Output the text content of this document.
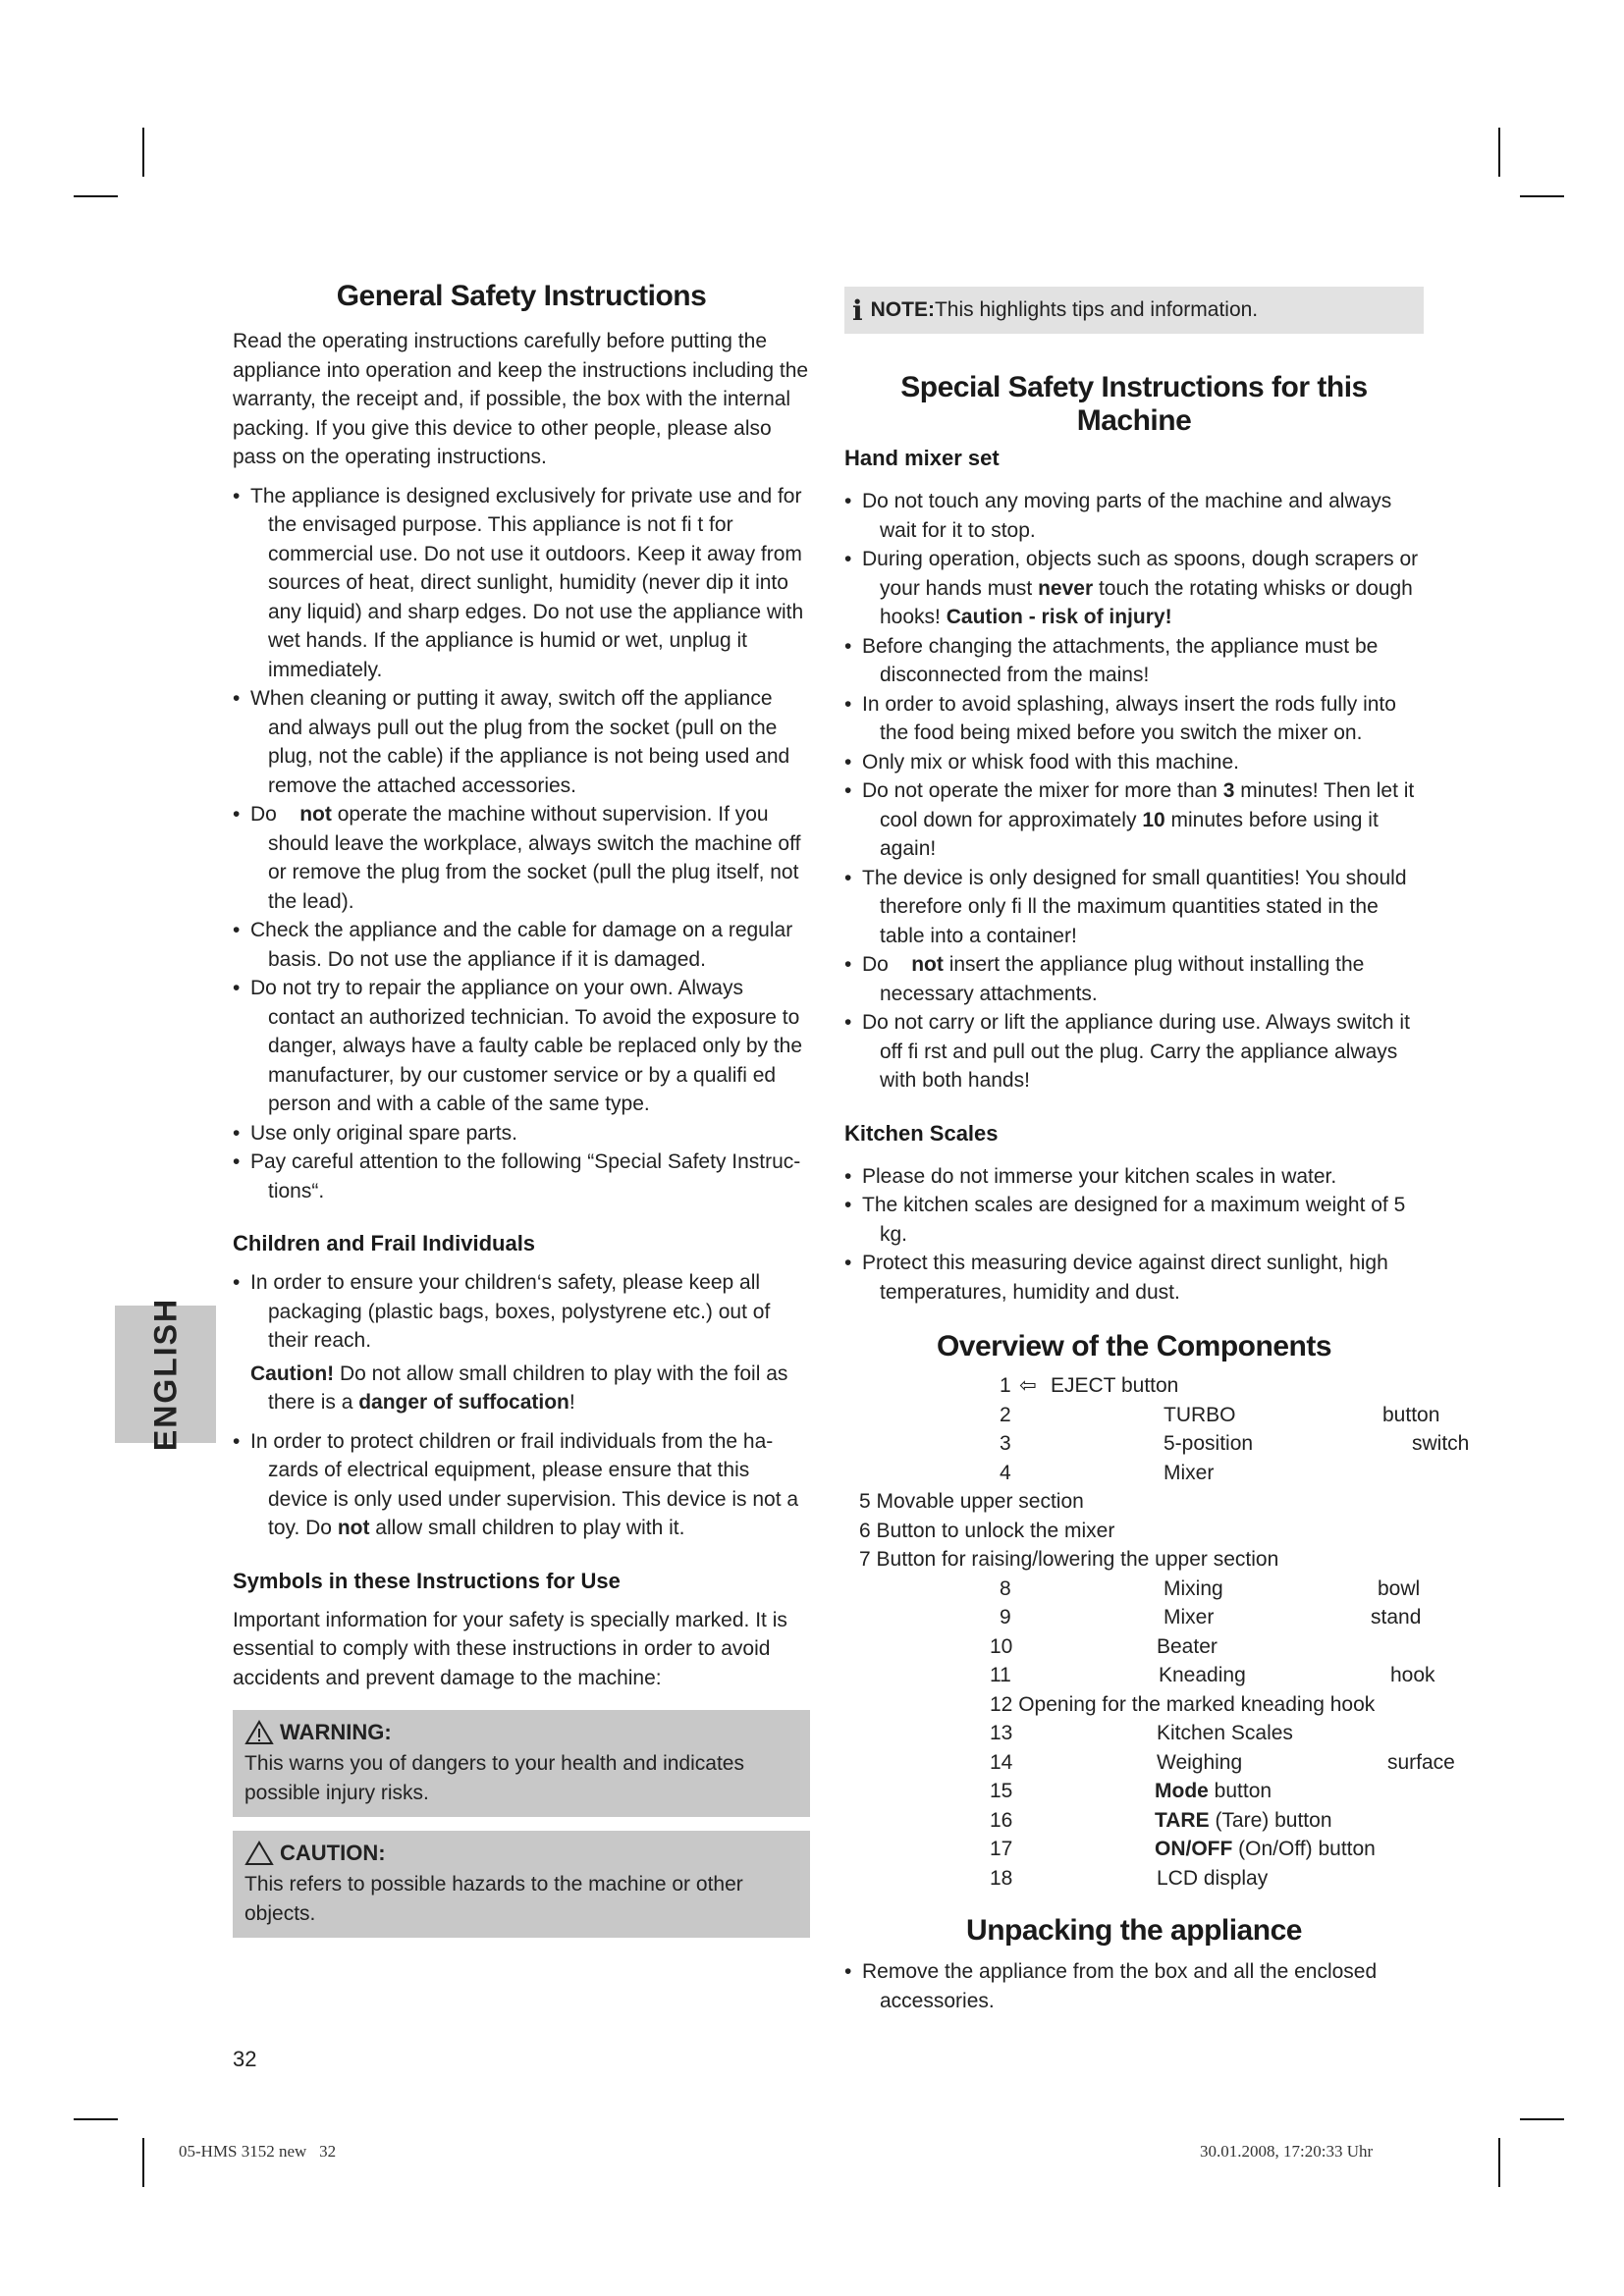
ENGLISH
General Safety Instructions

Read the operating instructions carefully before putting the appliance into operation and keep the instructions including the warranty, the receipt and, if possible, the box with the internal packing. If you give this device to other people, please also pass on the operating instructions.

• The appliance is designed exclusively for private use and for the envisaged purpose. This appliance is not fi t for commercial use. Do not use it outdoors. Keep it away from sources of heat, direct sunlight, humidity (never dip it into any liquid) and sharp edges. Do not use the appliance with wet hands. If the appliance is humid or wet, unplug it immediately.
• When cleaning or putting it away, switch off the appliance and always pull out the plug from the socket (pull on the plug, not the cable) if the appliance is not being used and remove the attached accessories.
• Do not operate the machine without supervision. If you should leave the workplace, always switch the machine off or remove the plug from the socket (pull the plug itself, not the lead).
• Check the appliance and the cable for damage on a regular basis. Do not use the appliance if it is damaged.
• Do not try to repair the appliance on your own. Always contact an authorized technician. To avoid the exposure to danger, always have a faulty cable be replaced only by the manufacturer, by our customer service or by a qualifi ed person and with a cable of the same type.
• Use only original spare parts.
• Pay careful attention to the following “Special Safety Instruc- tions“.
Children and Frail Individuals
• In order to ensure your children‘s safety, please keep all packaging (plastic bags, boxes, polystyrene etc.) out of their reach.
Caution! Do not allow small children to play with the foil as there is a danger of suffocation!
• In order to protect children or frail individuals from the ha- zards of electrical equipment, please ensure that this device is only used under supervision. This device is not a toy. Do not allow small children to play with it.
Symbols in these Instructions for Use

Important information for your safety is specially marked. It is essential to comply with these instructions in order to avoid accidents and prevent damage to the machine:

WARNING:

This warns you of dangers to your health and indicates possible injury risks.

CAUTION:

This refers to possible hazards to the machine or other objects.

i NOTE: This highlights tips and information.
Special Safety Instructions for this Machine
Hand mixer set
• Do not touch any moving parts of the machine and always wait for it to stop.
• During operation, objects such as spoons, dough scrapers or your hands must never touch the rotating whisks or dough hooks! Caution - risk of injury!
• Before changing the attachments, the appliance must be disconnected from the mains!
• In order to avoid splashing, always insert the rods fully into the food being mixed before you switch the mixer on.
• Only mix or whisk food with this machine.
• Do not operate the mixer for more than 3 minutes! Then let it cool down for approximately 10 minutes before using it again!
• The device is only designed for small quantities! You should therefore only fi ll the maximum quantities stated in the table into a container!
• Do not insert the appliance plug without installing the necessary attachments.
• Do not carry or lift the appliance during use. Always switch it off fi rst and pull out the plug. Carry the appliance always with both hands!
Kitchen Scales
• Please do not immerse your kitchen scales in water.
• The kitchen scales are designed for a maximum weight of 5 kg.
• Protect this measuring device against direct sunlight, high temperatures, humidity and dust.
Overview of the Components
1 ⇦ EJECT button
2	TURBO	button
3	5-position	switch
4	Mixer
5 Movable upper section
6 Button to unlock the mixer
7 Button for raising/lowering the upper section
8	Mixing	bowl
9	Mixer	stand
10	Beater
11	Kneading	hook
12 Opening for the marked kneading hook
13	Kitchen Scales
14	Weighing	surface
15	Mode button
16	TARE (Tare) button
17	ON/OFF (On/Off) button
18	LCD display
Unpacking the appliance
• Remove the appliance from the box and all the enclosed accessories.
32
05-HMS 3152 new   32	30.01.2008, 17:20:33 Uhr
